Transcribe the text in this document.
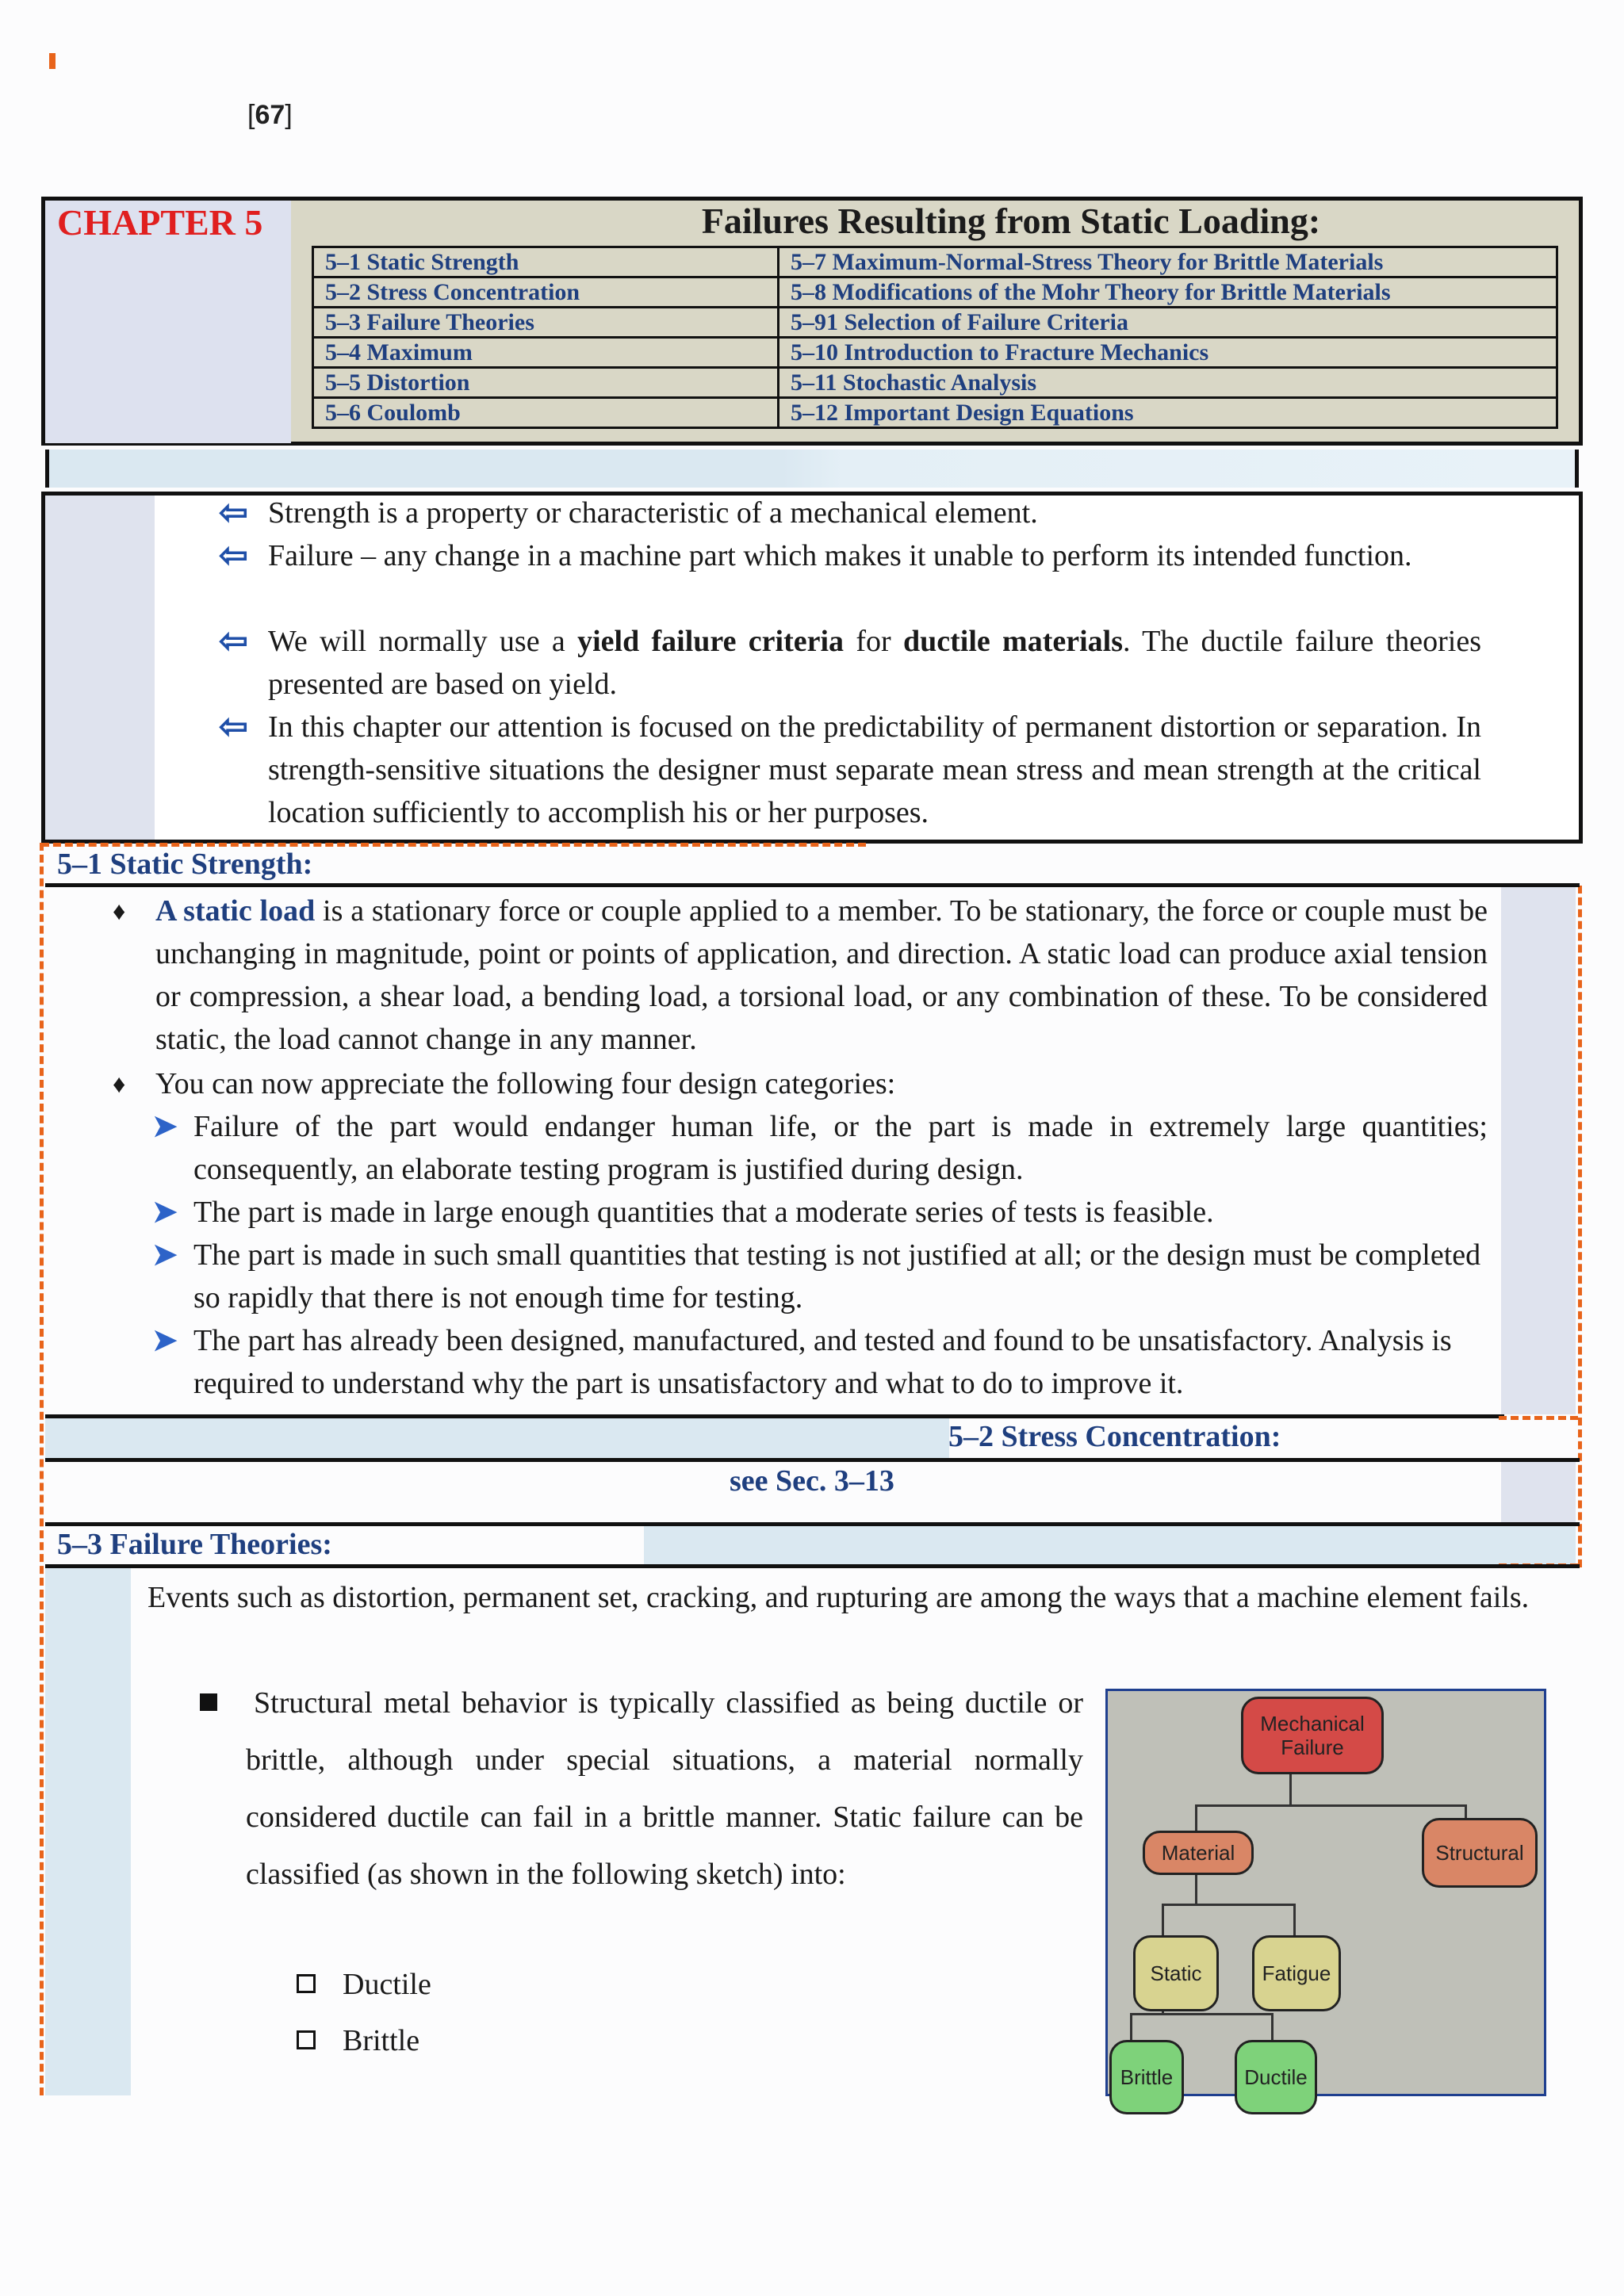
[67]
CHAPTER 5	Failures Resulting from Static Loading:
5–1 Static Strength	5–7 Maximum-Normal-Stress Theory for Brittle Materials
5–2 Stress Concentration	5–8 Modifications of the Mohr Theory for Brittle Materials
5–3 Failure Theories	5–91 Selection of Failure Criteria
5–4 Maximum	5–10 Introduction to Fracture Mechanics
5–5 Distortion	5–11 Stochastic Analysis
5–6 Coulomb	5–12 Important Design Equations
⇦ Strength is a property or characteristic of a mechanical element.
⇦ Failure – any change in a machine part which makes it unable to perform its intended function.
⇦ We will normally use a yield failure criteria for ductile materials. The ductile failure theories presented are based on yield.
⇦ In this chapter our attention is focused on the predictability of permanent distortion or separation. In strength-sensitive situations the designer must separate mean stress and mean strength at the critical location sufficiently to accomplish his or her purposes.
5–1 Static Strength:
♦ A static load is a stationary force or couple applied to a member. To be stationary, the force or couple must be unchanging in magnitude, point or points of application, and direction. A static load can produce axial tension or compression, a shear load, a bending load, a torsional load, or any combination of these. To be considered static, the load cannot change in any manner.
♦ You can now appreciate the following four design categories:
➤ Failure of the part would endanger human life, or the part is made in extremely large quantities; consequently, an elaborate testing program is justified during design.
➤ The part is made in large enough quantities that a moderate series of tests is feasible.
➤ The part is made in such small quantities that testing is not justified at all; or the design must be completed so rapidly that there is not enough time for testing.
➤ The part has already been designed, manufactured, and tested and found to be unsatisfactory. Analysis is required to understand why the part is unsatisfactory and what to do to improve it.
5–2 Stress Concentration:
see Sec. 3–13
5–3 Failure Theories:
Events such as distortion, permanent set, cracking, and rupturing are among the ways that a machine element fails.
Structural metal behavior is typically classified as being ductile or brittle, although under special situations, a material normally considered ductile can fail in a brittle manner. Static failure can be classified (as shown in the following sketch) into:
Ductile
Brittle
Mechanical Failure
Material	Structural
Static	Fatigue
Brittle	Ductile
